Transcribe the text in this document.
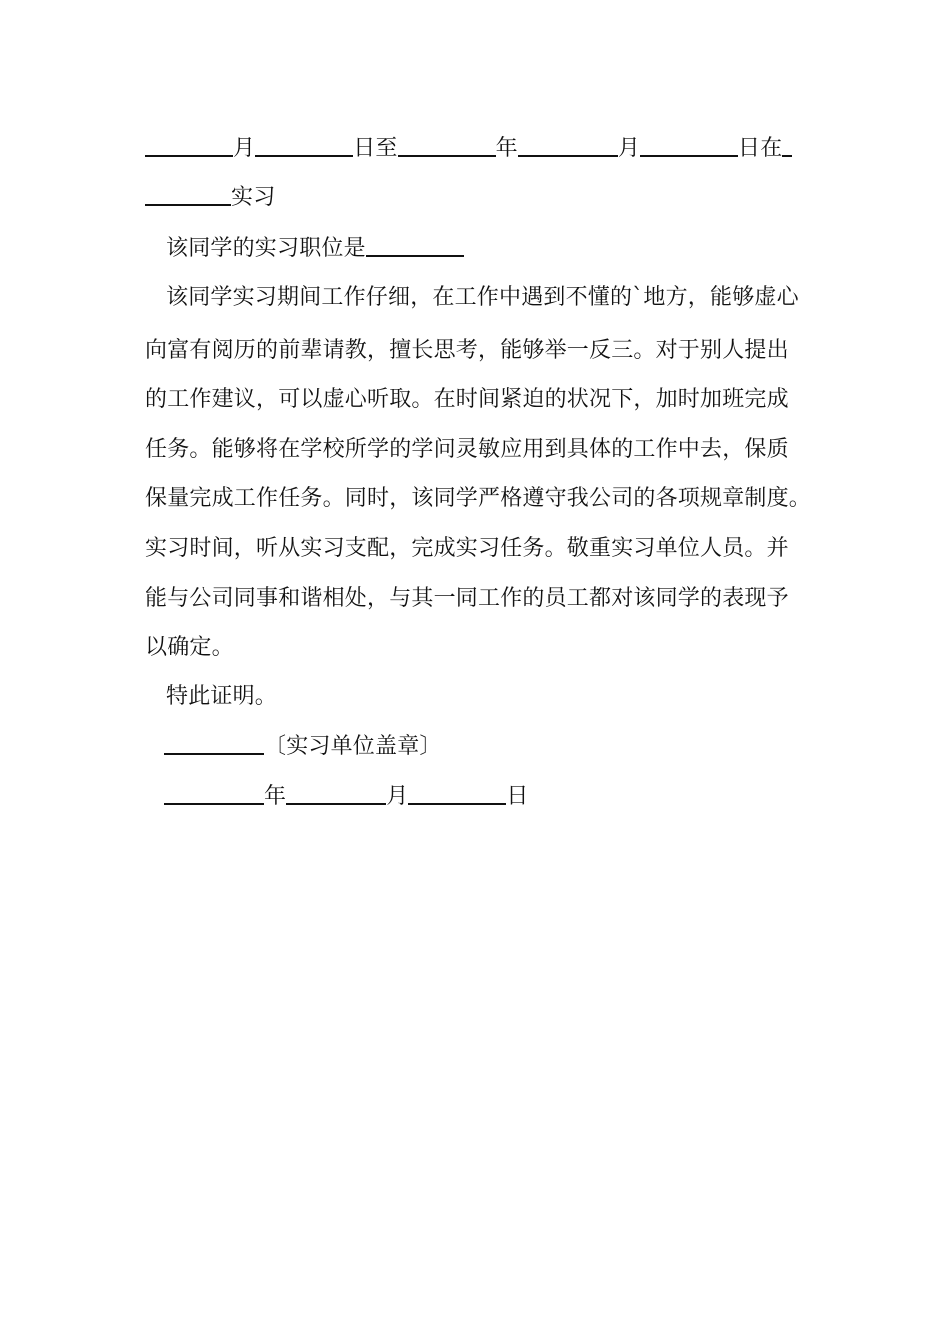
月	日至	年	月	日在
实习
该同学的实习职位是
该同学实习期间工作仔细，在工作中遇到不懂的`地方，能够虚心
向富有阅历的前辈请教，擅长思考，能够举一反三。对于别人提出
的工作建议，可以虚心听取。在时间紧迫的状况下，加时加班完成
任务。能够将在学校所学的学问灵敏应用到具体的工作中去，保质
保量完成工作任务。同时，该同学严格遵守我公司的各项规章制度。
实习时间，听从实习支配，完成实习任务。敬重实习单位人员。并
能与公司同事和谐相处，与其一同工作的员工都对该同学的表现予
以确定。
特此证明。
〔实习单位盖章〕
年	月	日
